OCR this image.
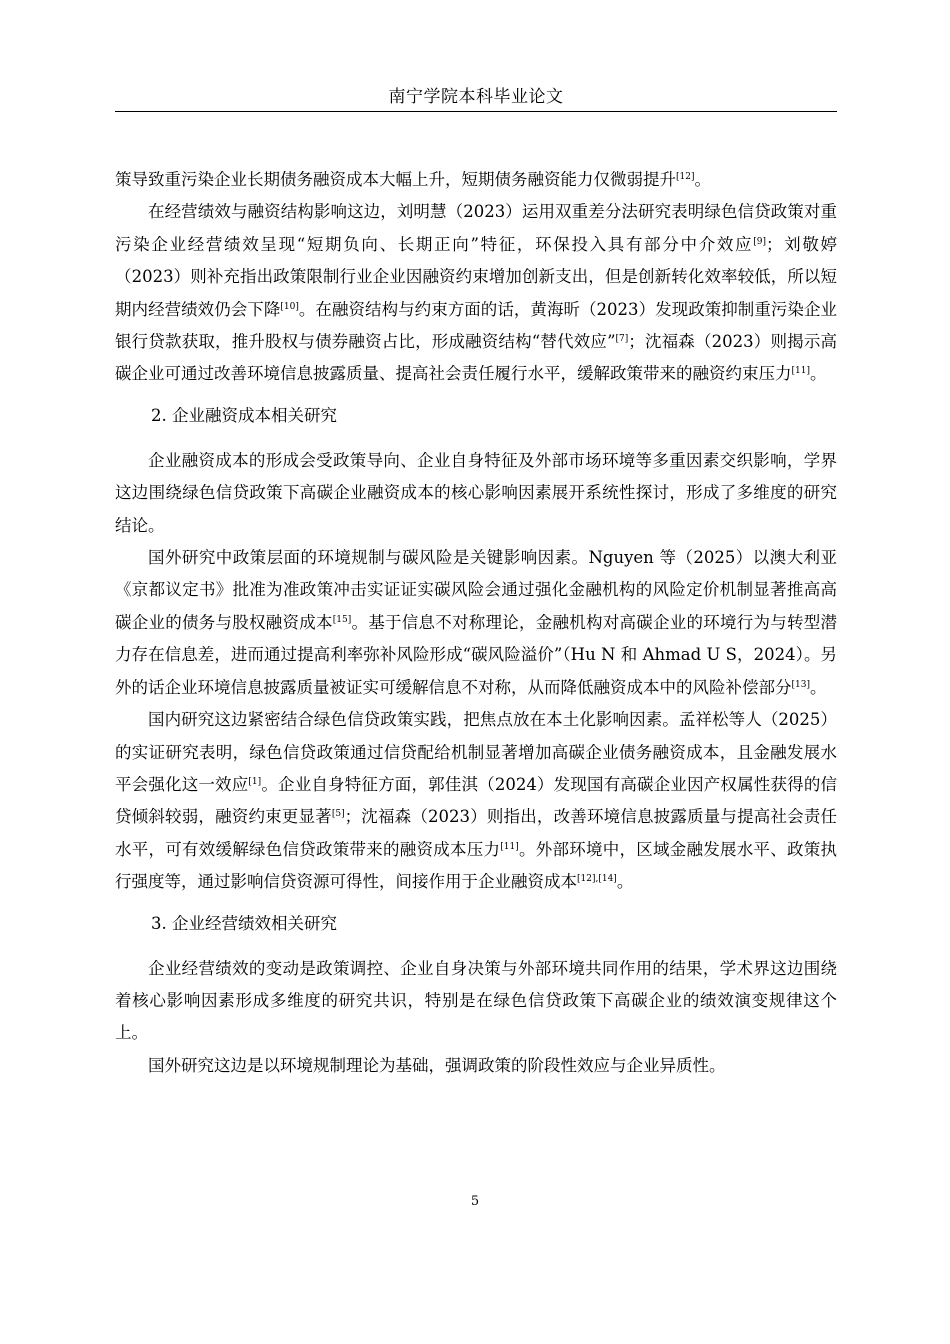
南宁学院本科毕业论文

策导致重污染企业长期债务融资成本大幅上升，短期债务融资能力仅微弱提升[12]。

在经营绩效与融资结构影响这边，刘明慧（2023）运用双重差分法研究表明绿色信贷政策对重污染企业经营绩效呈现“短期负向、长期正向”特征，环保投入具有部分中介效应[9]；刘敬婷（2023）则补充指出政策限制行业企业因融资约束增加创新支出，但是创新转化效率较低，所以短期内经营绩效仍会下降[10]。在融资结构与约束方面的话，黄海昕（2023）发现政策抑制重污染企业银行贷款获取，推升股权与债券融资占比，形成融资结构“替代效应”[7]；沈福森（2023）则揭示高碳企业可通过改善环境信息披露质量、提高社会责任履行水平，缓解政策带来的融资约束压力[11]。

2. 企业融资成本相关研究

企业融资成本的形成会受政策导向、企业自身特征及外部市场环境等多重因素交织影响，学界这边围绕绿色信贷政策下高碳企业融资成本的核心影响因素展开系统性探讨，形成了多维度的研究结论。

国外研究中政策层面的环境规制与碳风险是关键影响因素。Nguyen 等（2025）以澳大利亚《京都议定书》批准为准政策冲击实证证实碳风险会通过强化金融机构的风险定价机制显著推高高碳企业的债务与股权融资成本[15]。基于信息不对称理论，金融机构对高碳企业的环境行为与转型潜力存在信息差，进而通过提高利率弥补风险形成“碳风险溢价”（Hu N 和 Ahmad U S，2024）。另外的话企业环境信息披露质量被证实可缓解信息不对称，从而降低融资成本中的风险补偿部分[13]。

国内研究这边紧密结合绿色信贷政策实践，把焦点放在本土化影响因素。孟祥松等人（2025）的实证研究表明，绿色信贷政策通过信贷配给机制显著增加高碳企业债务融资成本，且金融发展水平会强化这一效应[1]。企业自身特征方面，郭佳淇（2024）发现国有高碳企业因产权属性获得的信贷倾斜较弱，融资约束更显著[5]；沈福森（2023）则指出，改善环境信息披露质量与提高社会责任水平，可有效缓解绿色信贷政策带来的融资成本压力[11]。外部环境中，区域金融发展水平、政策执行强度等，通过影响信贷资源可得性，间接作用于企业融资成本[12],[14]。

3. 企业经营绩效相关研究

企业经营绩效的变动是政策调控、企业自身决策与外部环境共同作用的结果，学术界这边围绕着核心影响因素形成多维度的研究共识，特别是在绿色信贷政策下高碳企业的绩效演变规律这个上。

国外研究这边是以环境规制理论为基础，强调政策的阶段性效应与企业异质性。

5
